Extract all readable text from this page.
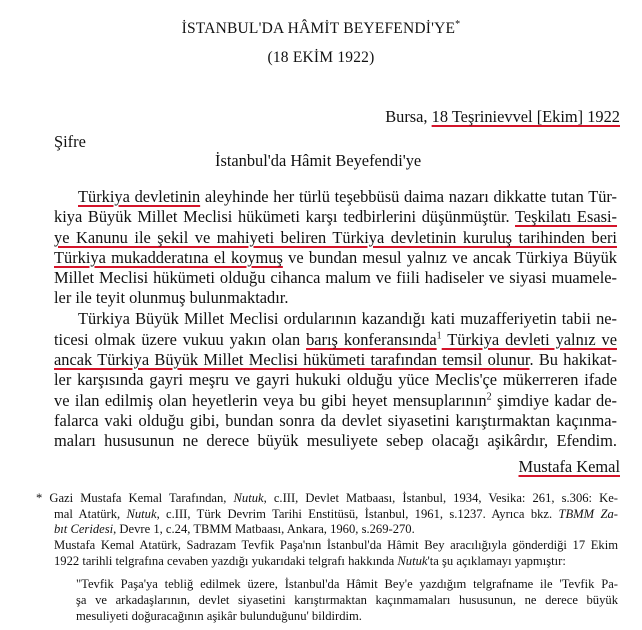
İSTANBUL'DA HÂMİT BEYEFENDİ'YE*
(18 EKİM 1922)
Bursa, 18 Teşrinievvel [Ekim] 1922
Şifre
İstanbul'da Hâmit Beyefendi'ye
Türkiya devletinin aleyhinde her türlü teşebbüsü daima nazarı dikkatte tutan Tür-
kiya Büyük Millet Meclisi hükümeti karşı tedbirlerini düşünmüştür. Teşkilatı Esasi-
ye Kanunu ile şekil ve mahiyeti beliren Türkiya devletinin kuruluş tarihinden beri
Türkiya mukadderatına el koymuş ve bundan mesul yalnız ve ancak Türkiya Büyük
Millet Meclisi hükümeti olduğu cihanca malum ve fiili hadiseler ve siyasi muamele-
ler ile teyit olunmuş bulunmaktadır.
Türkiya Büyük Millet Meclisi ordularının kazandığı kati muzafferiyetin tabii ne-
ticesi olmak üzere vukuu yakın olan barış konferansında$^1$ Türkiya devleti yalnız ve
ancak Türkiya Büyük Millet Meclisi hükümeti tarafından temsil olunur. Bu hakikat-
ler karşısında gayri meşru ve gayri hukuki olduğu yüce Meclis'çe mükerreren ifade
ve ilan edilmiş olan heyetlerin veya bu gibi heyet mensuplarının$^2$ şimdiye kadar de-
falarca vaki olduğu gibi, bundan sonra da devlet siyasetini karıştırmaktan kaçınma-
maları hususunun ne derece büyük mesuliyete sebep olacağı aşikârdır, Efendim.
Mustafa Kemal
* Gazi Mustafa Kemal Tarafından, Nutuk, c.III, Devlet Matbaası, İstanbul, 1934, Vesika: 261, s.306: Ke-
mal Atatürk, Nutuk, c.III, Türk Devrim Tarihi Enstitüsü, İstanbul, 1961, s.1237. Ayrıca bkz. TBMM Za-
bıt Ceridesi, Devre 1, c.24, TBMM Matbaası, Ankara, 1960, s.269-270.
Mustafa Kemal Atatürk, Sadrazam Tevfik Paşa'nın İstanbul'da Hâmit Bey aracılığıyla gönderdiği 17 Ekim
1922 tarihli telgrafına cevaben yazdığı yukarıdaki telgrafı hakkında Nutuk'ta şu açıklamayı yapmıştır:
"Tevfik Paşa'ya tebliğ edilmek üzere, İstanbul'da Hâmit Bey'e yazdığım telgrafname ile 'Tevfik Pa-
şa ve arkadaşlarının, devlet siyasetini karıştırmaktan kaçınmamaları hususunun, ne derece büyük
mesuliyeti doğuracağının aşikâr bulunduğunu' bildirdim.
